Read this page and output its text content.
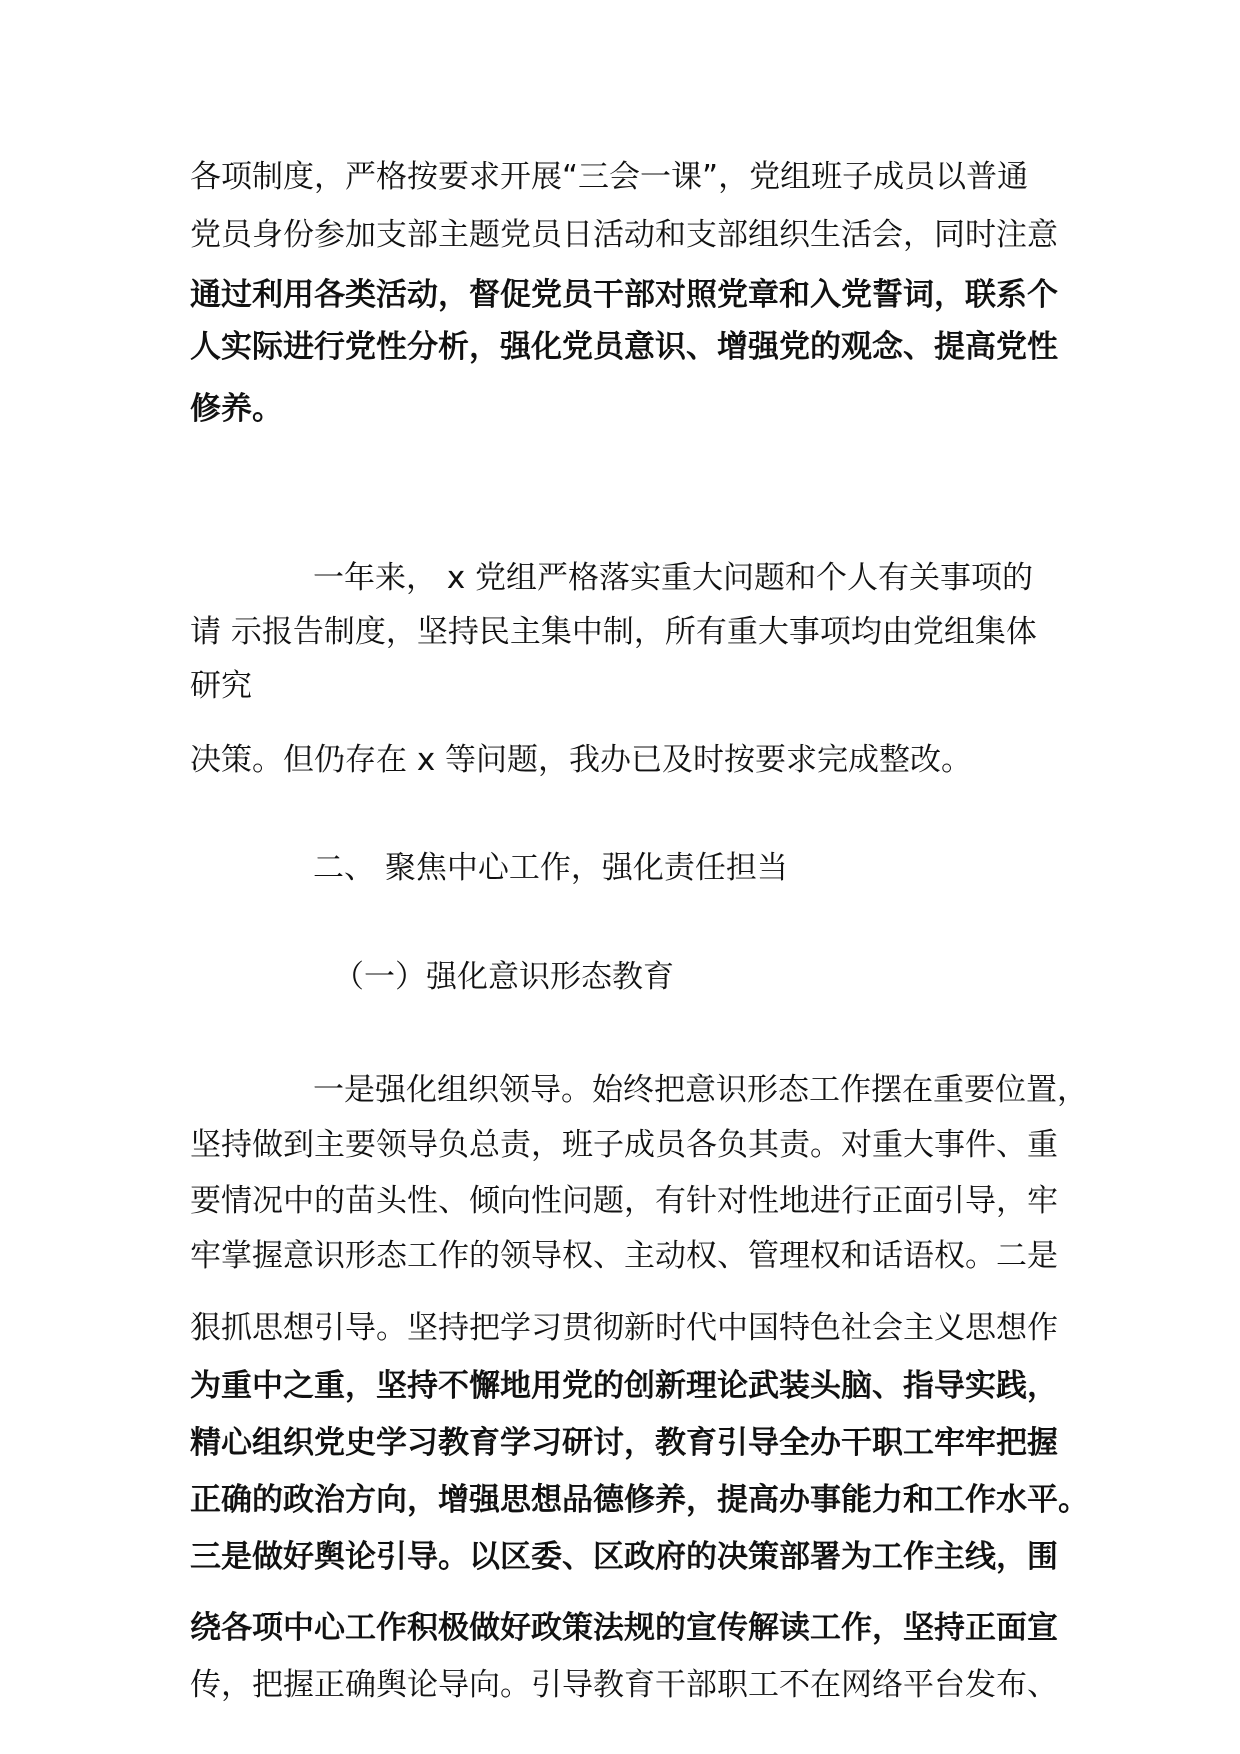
各项制度，严格按要求开展“三会一课”，党组班子成员以普通

党员身份参加支部主题党员日活动和支部组织生活会，同时注意

通过利用各类活动，督促党员干部对照党章和入党誓词，联系个

人实际进行党性分析，强化党员意识、增强党的观念、提高党性

修养。

一年来， x 党组严格落实重大问题和个人有关事项的

请 示报告制度，坚持民主集中制，所有重大事项均由党组集体

研究

决策。但仍存在 x 等问题，我办已及时按要求完成整改。

二、 聚焦中心工作，强化责任担当

（一）强化意识形态教育

一是强化组织领导。始终把意识形态工作摆在重要位置，

坚持做到主要领导负总责，班子成员各负其责。对重大事件、重

要情况中的苗头性、倾向性问题，有针对性地进行正面引导，牢

牢掌握意识形态工作的领导权、主动权、管理权和话语权。二是

狠抓思想引导。坚持把学习贯彻新时代中国特色社会主义思想作

为重中之重，坚持不懈地用党的创新理论武装头脑、指导实践，

精心组织党史学习教育学习研讨，教育引导全办干职工牢牢把握

正确的政治方向，增强思想品德修养，提高办事能力和工作水平。

三是做好舆论引导。以区委、区政府的决策部署为工作主线，围

绕各项中心工作积极做好政策法规的宣传解读工作，坚持正面宣

传，把握正确舆论导向。引导教育干部职工不在网络平台发布、
